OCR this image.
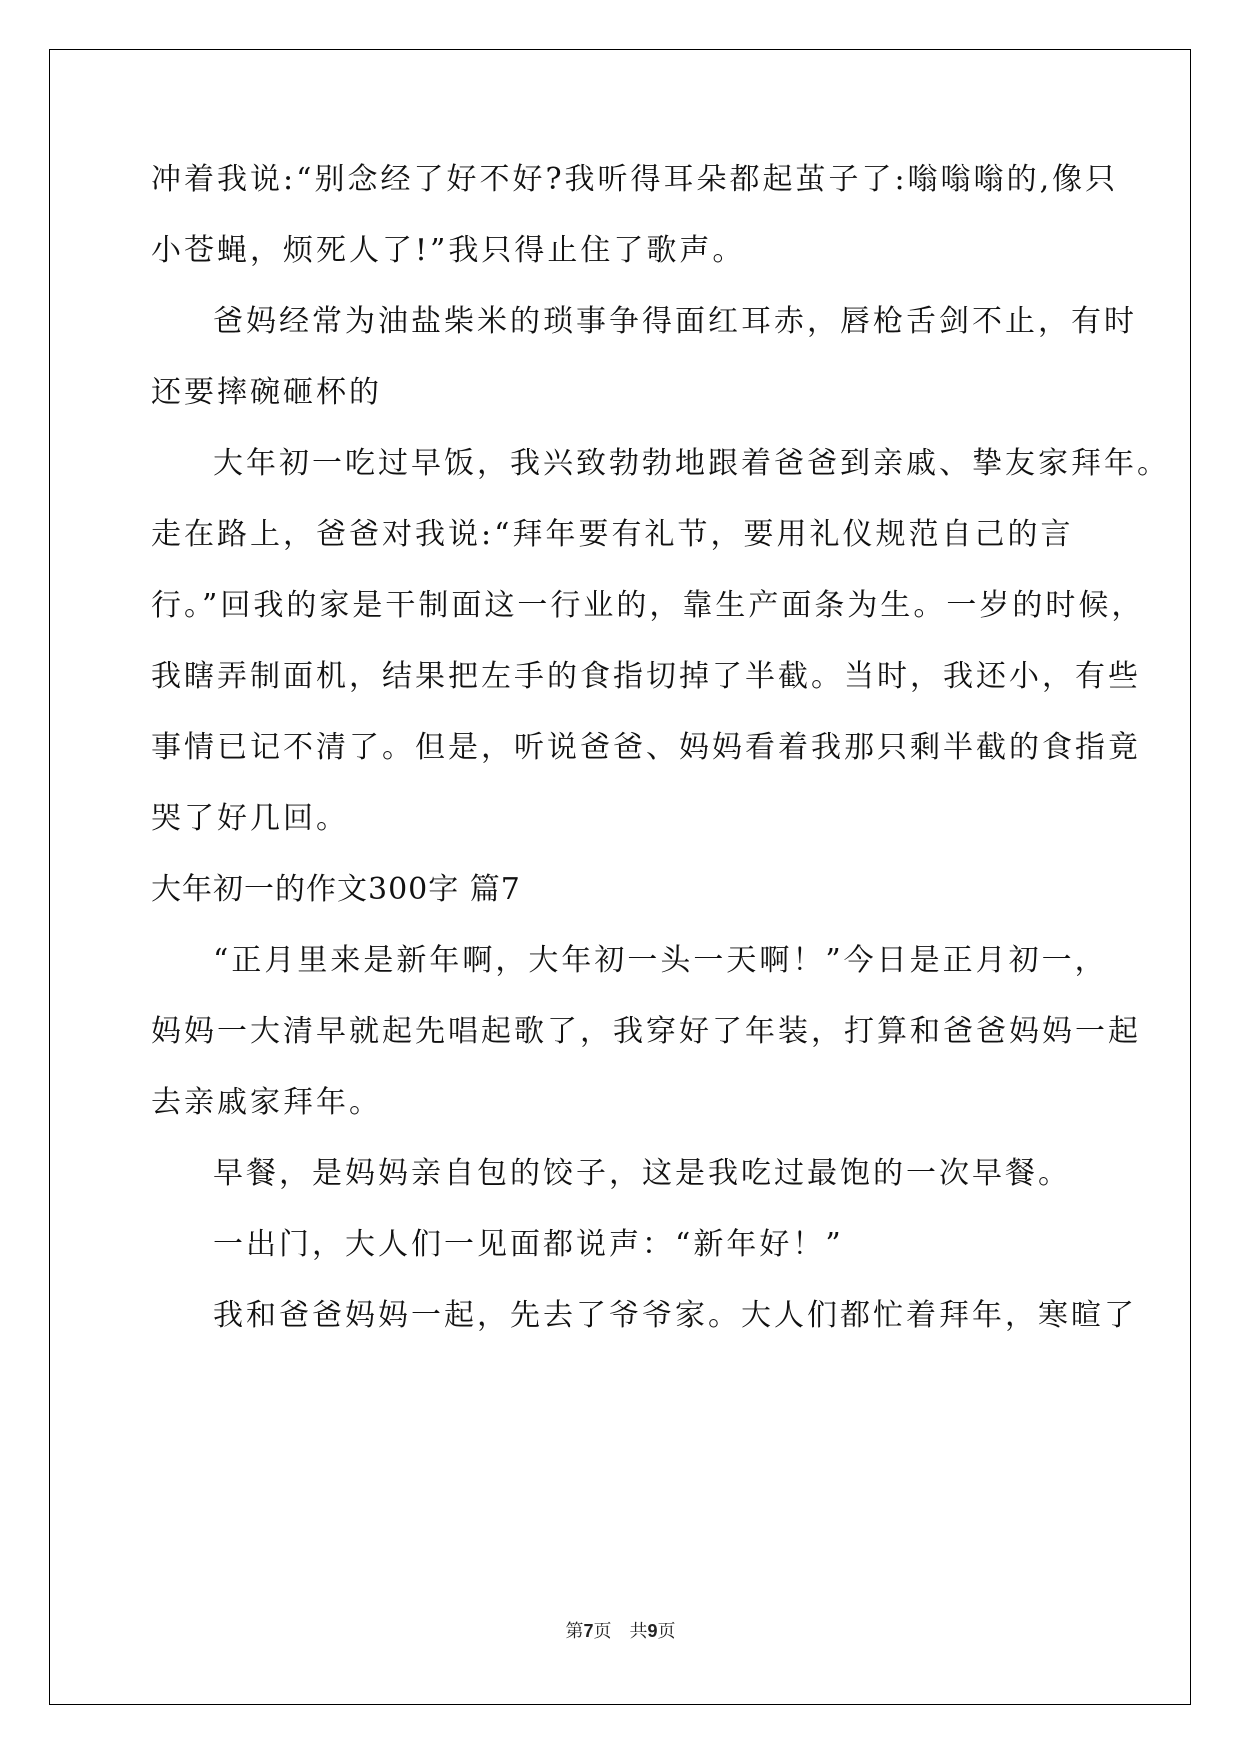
冲着我说:“别念经了好不好?我听得耳朵都起茧子了:嗡嗡嗡的,像只
小苍蝇，烦死人了!”我只得止住了歌声。
爸妈经常为油盐柴米的琐事争得面红耳赤，唇枪舌剑不止，有时
还要摔碗砸杯的
大年初一吃过早饭，我兴致勃勃地跟着爸爸到亲戚、挚友家拜年。
走在路上，爸爸对我说:“拜年要有礼节，要用礼仪规范自己的言
行。”回我的家是干制面这一行业的，靠生产面条为生。一岁的时候，
我瞎弄制面机，结果把左手的食指切掉了半截。当时，我还小，有些
事情已记不清了。但是，听说爸爸、妈妈看着我那只剩半截的食指竟
哭了好几回。
大年初一的作文300字 篇7
“正月里来是新年啊，大年初一头一天啊！”今日是正月初一，
妈妈一大清早就起先唱起歌了，我穿好了年装，打算和爸爸妈妈一起
去亲戚家拜年。
早餐，是妈妈亲自包的饺子，这是我吃过最饱的一次早餐。
一出门，大人们一见面都说声：“新年好！”
我和爸爸妈妈一起，先去了爷爷家。大人们都忙着拜年，寒暄了
第7页　共9页
